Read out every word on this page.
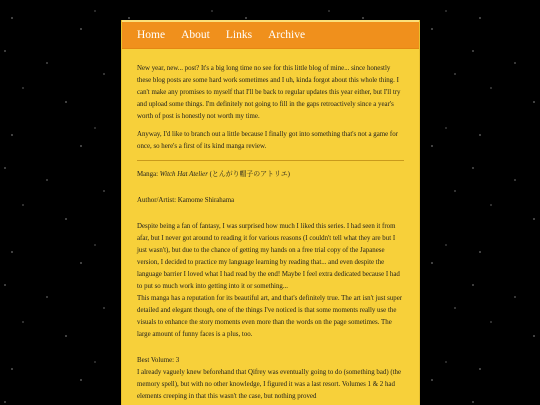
Home About Links Archive

New year, new... post? It's a big long time no see for this little blog of mine... since honestly these blog posts are some hard work sometimes and I uh, kinda forgot about this whole thing. I can't make any promises to myself that I'll be back to regular updates this year either, but I'll try and upload some things. I'm definitely not going to fill in the gaps retroactively since a year's worth of post is honestly not worth my time.

Anyway, I'd like to branch out a little because I finally got into something that's not a game for once, so here's a first of its kind manga review.

Manga: Witch Hat Atelier (とんがり帽子のアトリエ)

Author/Artist: Kamome Shirahama

Despite being a fan of fantasy, I was surprised how much I liked this series. I had seen it from afar, but I never got around to reading it for various reasons (I couldn't tell what they are but I just wasn't), but due to the chance of getting my hands on a free trial copy of the Japanese version, I decided to practice my language learning by reading that... and even despite the language barrier I loved what I had read by the end! Maybe I feel extra dedicated because I had to put so much work into getting into it or something...

This manga has a reputation for its beautiful art, and that's definitely true. The art isn't just super detailed and elegant though, one of the things I've noticed is that some moments really use the visuals to enhance the story moments even more than the words on the page sometimes. The large amount of funny faces is a plus, too.

Best Volume: 3

I already vaguely knew beforehand that Qifrey was eventually going to do (something bad) (the memory spell), but with no other knowledge, I figured it was a last resort. Volumes 1 & 2 had elements creeping in that this wasn't the case, but nothing proved
